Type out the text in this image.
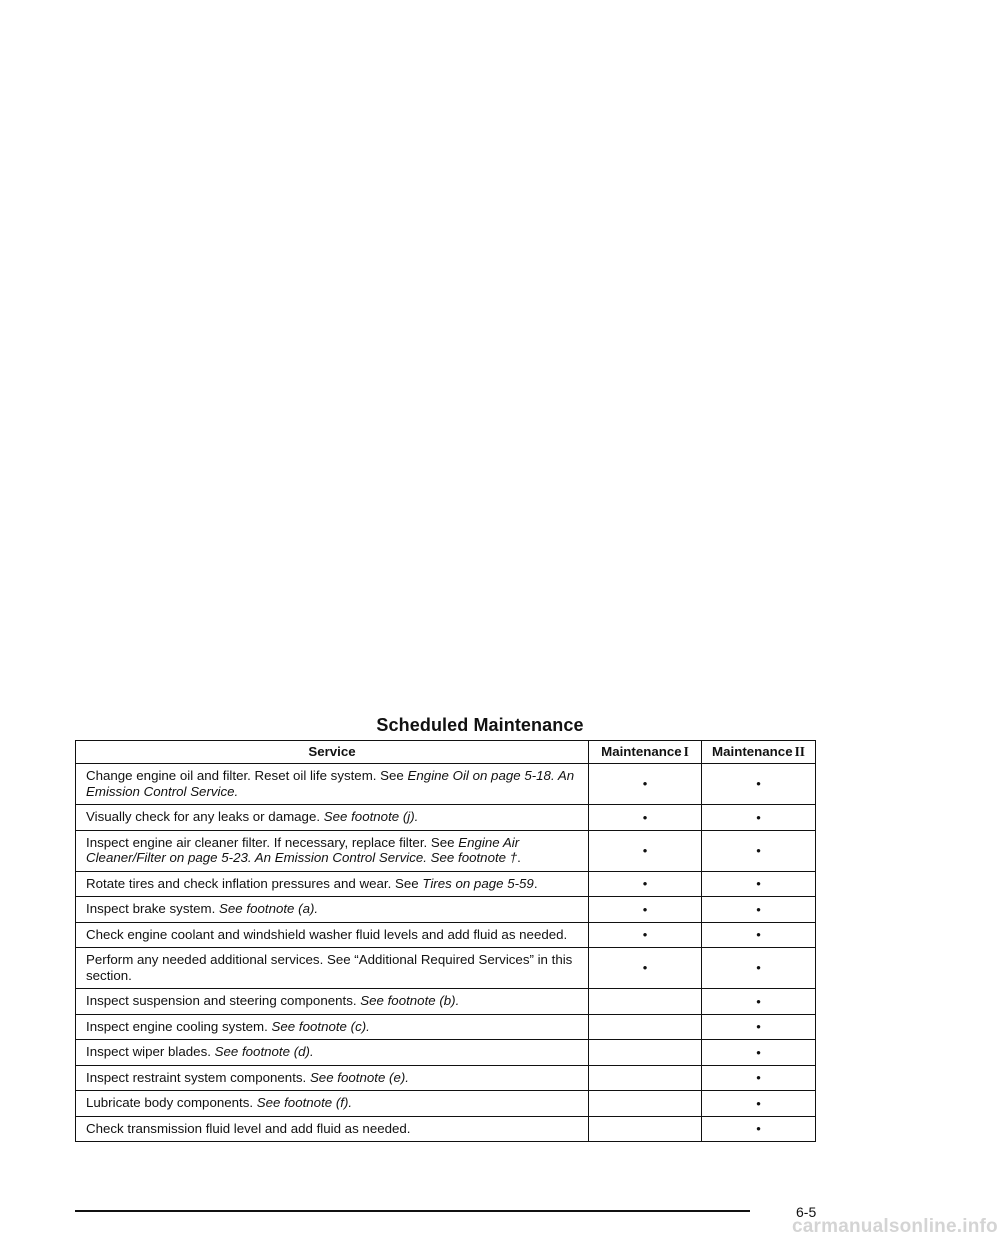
Scheduled Maintenance
Service	Maintenance I	Maintenance II
Change engine oil and filter. Reset oil life system. See Engine Oil on page 5-18. An Emission Control Service.	•	•
Visually check for any leaks or damage. See footnote (j).	•	•
Inspect engine air cleaner filter. If necessary, replace filter. See Engine Air Cleaner/Filter on page 5-23. An Emission Control Service. See footnote †.	•	•
Rotate tires and check inflation pressures and wear. See Tires on page 5-59.	•	•
Inspect brake system. See footnote (a).	•	•
Check engine coolant and windshield washer fluid levels and add fluid as needed.	•	•
Perform any needed additional services. See “Additional Required Services” in this section.	•	•
Inspect suspension and steering components. See footnote (b).		•
Inspect engine cooling system. See footnote (c).		•
Inspect wiper blades. See footnote (d).		•
Inspect restraint system components. See footnote (e).		•
Lubricate body components. See footnote (f).		•
Check transmission fluid level and add fluid as needed.		•
6-5
carmanualsonline.info
